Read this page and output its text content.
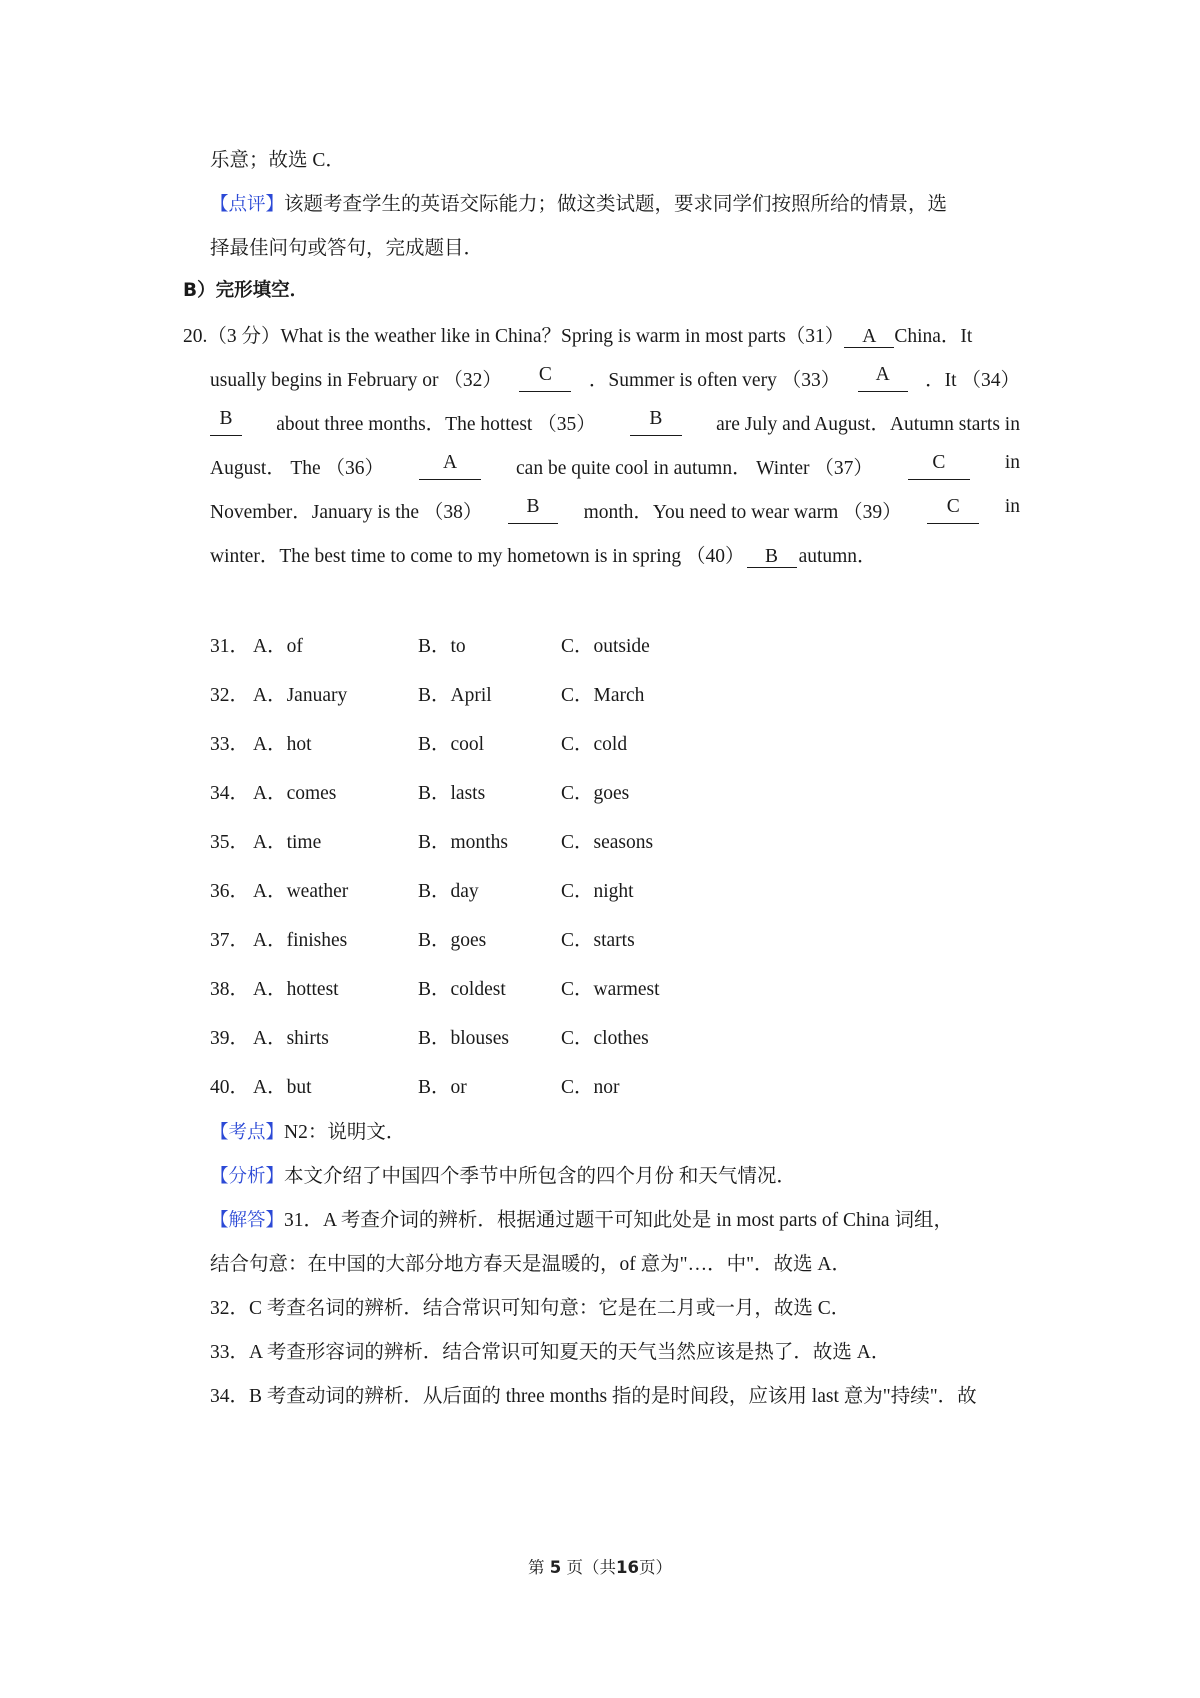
乐意；故选 C．
【点评】该题考查学生的英语交际能力；做这类试题，要求同学们按照所给的情景，选
择最佳问句或答句，完成题目．
B）完形填空．
20.（3 分）What is the weather like in China？Spring is warm in most parts（31） A China．It
usually begins in February or （32）	C	．Summer is often very （33）	A	．It （34）
B	about three months．The hottest （35）	B	are July and August．Autumn starts in
August． The （36）	A	can be quite cool in autumn． Winter （37）	C	in
November．January is the （38）	B	month．You need to wear warm （39）	C	in
winter．The best time to come to my hometown is in spring （40） B autumn．
31． A．of	B．to	C．outside
32． A．January	B．April	C．March
33． A．hot	B．cool	C．cold
34． A．comes	B．lasts	C．goes
35． A．time	B．months	C．seasons
36． A．weather	B．day	C．night
37． A．finishes	B．goes	C．starts
38． A．hottest	B．coldest	C．warmest
39． A．shirts	B．blouses	C．clothes
40． A．but	B．or	C．nor
【考点】N2：说明文．
【分析】本文介绍了中国四个季节中所包含的四个月份 和天气情况．
【解答】31．A 考查介词的辨析．根据通过题干可知此处是 in most parts of China 词组，
结合句意：在中国的大部分地方春天是温暖的，of 意为"…．中"．故选 A．
32．C 考查名词的辨析．结合常识可知句意：它是在二月或一月，故选 C．
33．A 考查形容词的辨析．结合常识可知夏天的天气当然应该是热了．故选 A．
34．B 考查动词的辨析．从后面的 three months 指的是时间段，应该用 last 意为"持续"．故
第 5 页（共16页）
